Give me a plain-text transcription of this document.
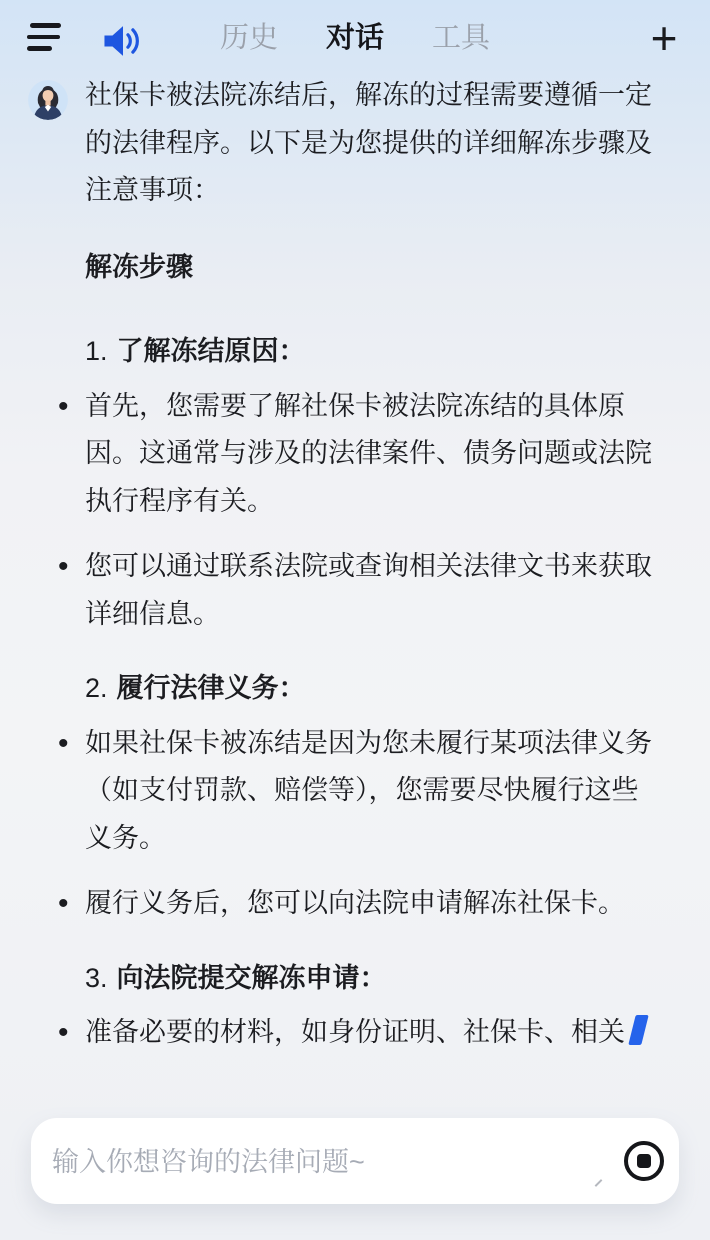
历史 对话 工具	+

社保卡被法院冻结后，解冻的过程需要遵循一定的法律程序。以下是为您提供的详细解冻步骤及注意事项：

解冻步骤

1. 了解冻结原因：
• 首先，您需要了解社保卡被法院冻结的具体原因。这通常与涉及的法律案件、债务问题或法院执行程序有关。
• 您可以通过联系法院或查询相关法律文书来获取详细信息。
2. 履行法律义务：
• 如果社保卡被冻结是因为您未履行某项法律义务（如支付罚款、赔偿等），您需要尽快履行这些义务。
• 履行义务后，您可以向法院申请解冻社保卡。
3. 向法院提交解冻申请：
• 准备必要的材料，如身份证明、社保卡、相关
输入你想咨询的法律问题~
